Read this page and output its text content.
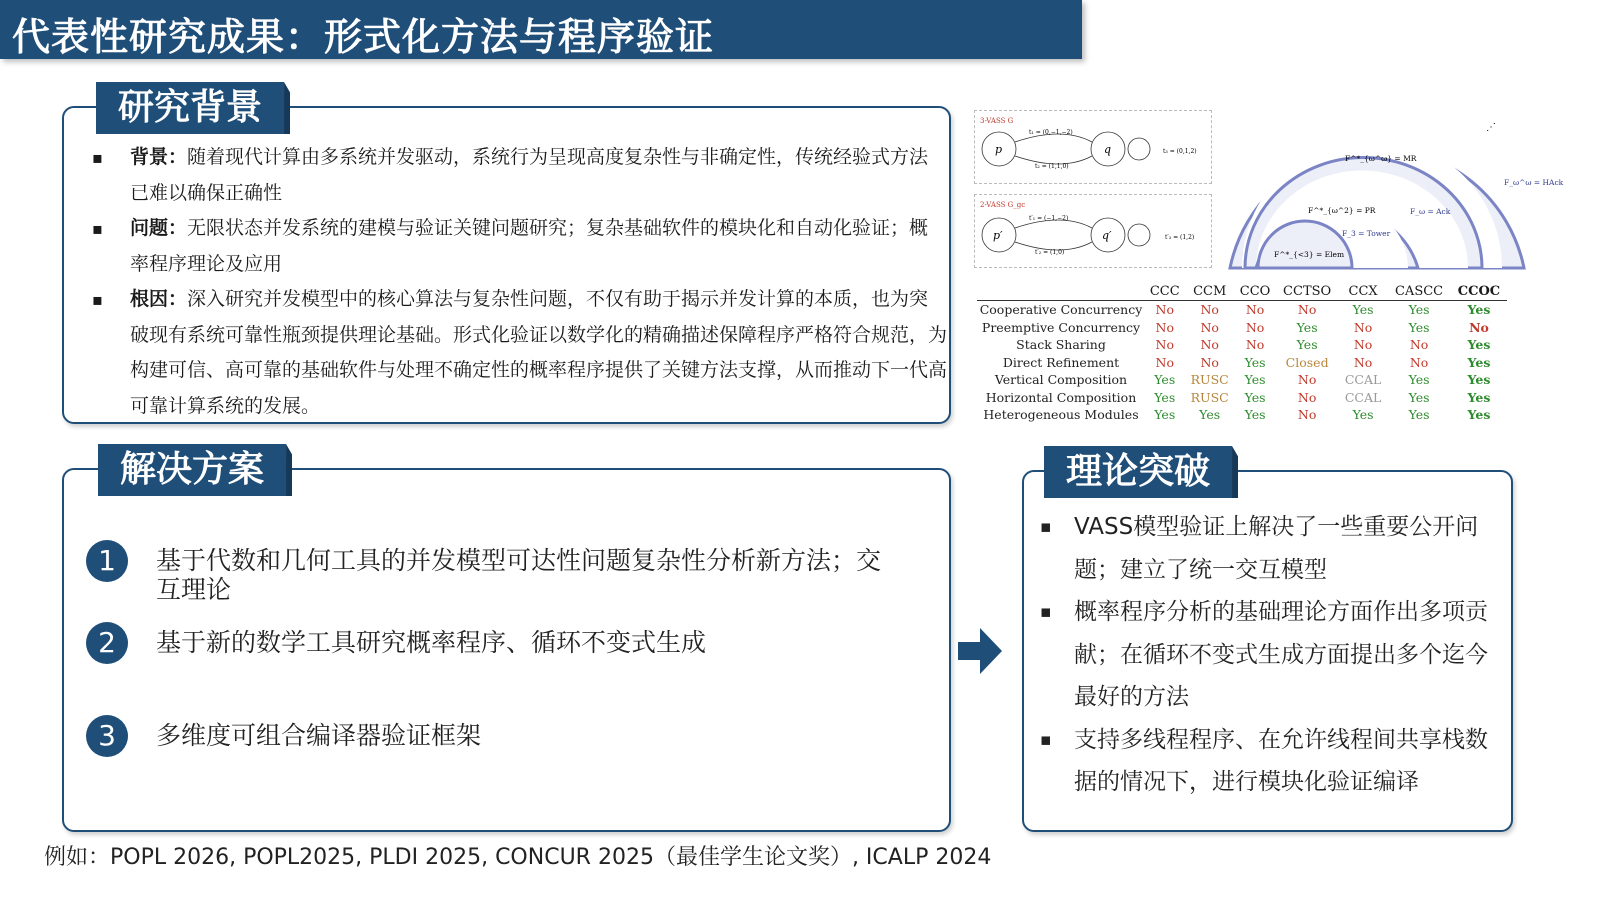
代表性研究成果：形式化方法与程序验证
研究背景
▪ 背景：随着现代计算由多系统并发驱动，系统行为呈现高度复杂性与非确定性，传统经验式方法已难以确保正确性
▪ 问题：无限状态并发系统的建模与验证关键问题研究；复杂基础软件的模块化和自动化验证；概率程序理论及应用
▪ 根因：深入研究并发模型中的核心算法与复杂性问题，不仅有助于揭示并发计算的本质，也为突破现有系统可靠性瓶颈提供理论基础。形式化验证以数学化的精确描述保障程序严格符合规范，为构建可信、高可靠的基础软件与处理不确定性的概率程序提供了关键方法支撑，从而推动下一代高可靠计算系统的发展。
解决方案
1	基于代数和几何工具的并发模型可达性问题复杂性分析新方法；交互理论
2	基于新的数学工具研究概率程序、循环不变式生成
3	多维度可组合编译器验证框架
理论突破
▪ VASS模型验证上解决了一些重要公开问题；建立了统一交互模型
▪ 概率程序分析的基础理论方面作出多项贡献；在循环不变式生成方面提出多个迄今最好的方法
▪ 支持多线程程序、在允许线程间共享栈数据的情况下，进行模块化验证编译
例如：POPL 2026, POPL2025, PLDI 2025, CONCUR 2025（最佳学生论文奖）, ICALP 2024
3-VASS G
p	q
t₁ = (0,−1,−2)
t₂ = (1,1,0)
t₃ = (0,1,2)
2-VASS G_gc
p′	q′
t′₁ = (−1,−2)
t′₂ = (1,0)
t′₃ = (1,2)
F^*_{ω^ω} = MR
F_ω^ω = HAck
F^*_{ω^2} = PR	F_ω = Ack
F_3 = Tower
F^*_{<3} = Elem
⋰
	CCC	CCM	CCO	CCTSO	CCX	CASCC	CCOC
Cooperative Concurrency	No	No	No	No	Yes	Yes	Yes
Preemptive Concurrency	No	No	No	Yes	No	Yes	No
Stack Sharing	No	No	No	Yes	No	No	Yes
Direct Refinement	No	No	Yes	Closed	No	No	Yes
Vertical Composition	Yes	RUSC	Yes	No	CCAL	Yes	Yes
Horizontal Composition	Yes	RUSC	Yes	No	CCAL	Yes	Yes
Heterogeneous Modules	Yes	Yes	Yes	No	Yes	Yes	Yes
